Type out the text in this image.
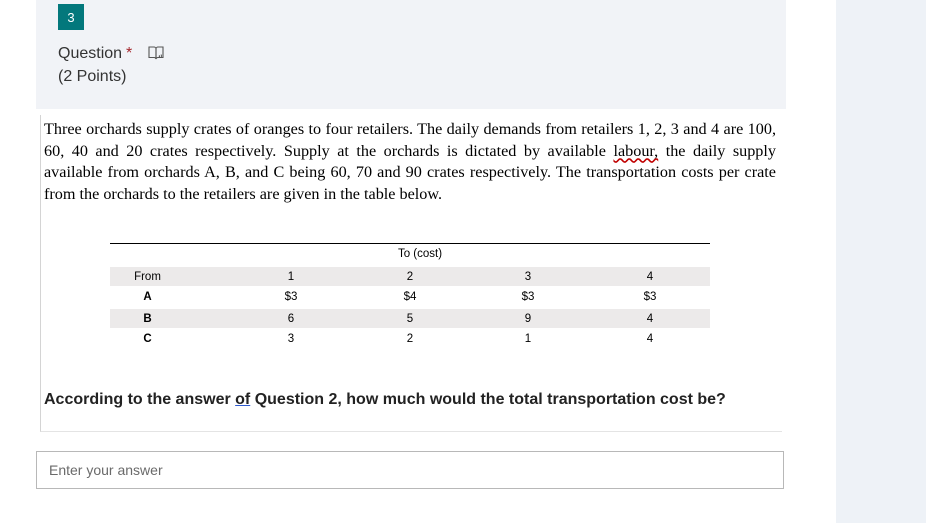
3
Question *
(2 Points)
Three orchards supply crates of oranges to four retailers. The daily demands from retailers 1, 2, 3 and 4 are 100, 60, 40 and 20 crates respectively. Supply at the orchards is dictated by available labour, the daily supply available from orchards A, B, and C being 60, 70 and 90 crates respectively. The transportation costs per crate from the orchards to the retailers are given in the table below.
To (cost)
From	1	2	3	4
A	$3	$4	$3	$3
B	6	5	9	4
C	3	2	1	4
According to the answer of Question 2, how much would the total transportation cost be?
Enter your answer
